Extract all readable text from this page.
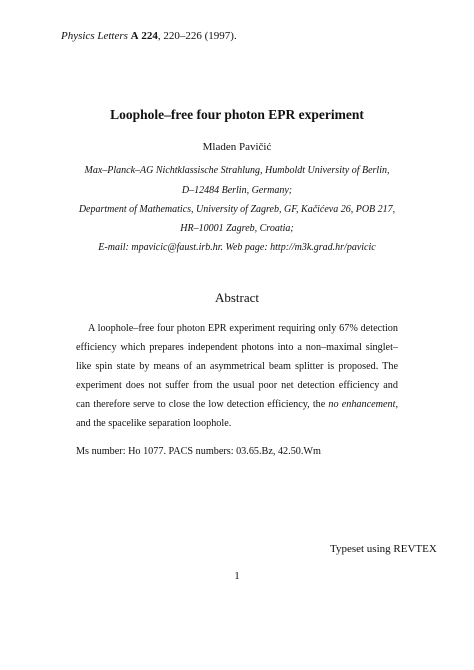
Physics Letters A 224, 220–226 (1997).
Loophole–free four photon EPR experiment
Mladen Pavičić
Max–Planck–AG Nichtklassische Strahlung, Humboldt University of Berlin,
D–12484 Berlin, Germany;
Department of Mathematics, University of Zagreb, GF, Kačićeva 26, POB 217,
HR–10001 Zagreb, Croatia;
E-mail: mpavicic@faust.irb.hr. Web page: http://m3k.grad.hr/pavicic
Abstract
A loophole–free four photon EPR experiment requiring only 67% detection efficiency which prepares independent photons into a non–maximal singlet–like spin state by means of an asymmetrical beam splitter is proposed. The experiment does not suffer from the usual poor net detection efficiency and can therefore serve to close the low detection efficiency, the no enhancement, and the spacelike separation loophole.
Ms number: Ho 1077. PACS numbers: 03.65.Bz, 42.50.Wm
Typeset using REVTEX
1
